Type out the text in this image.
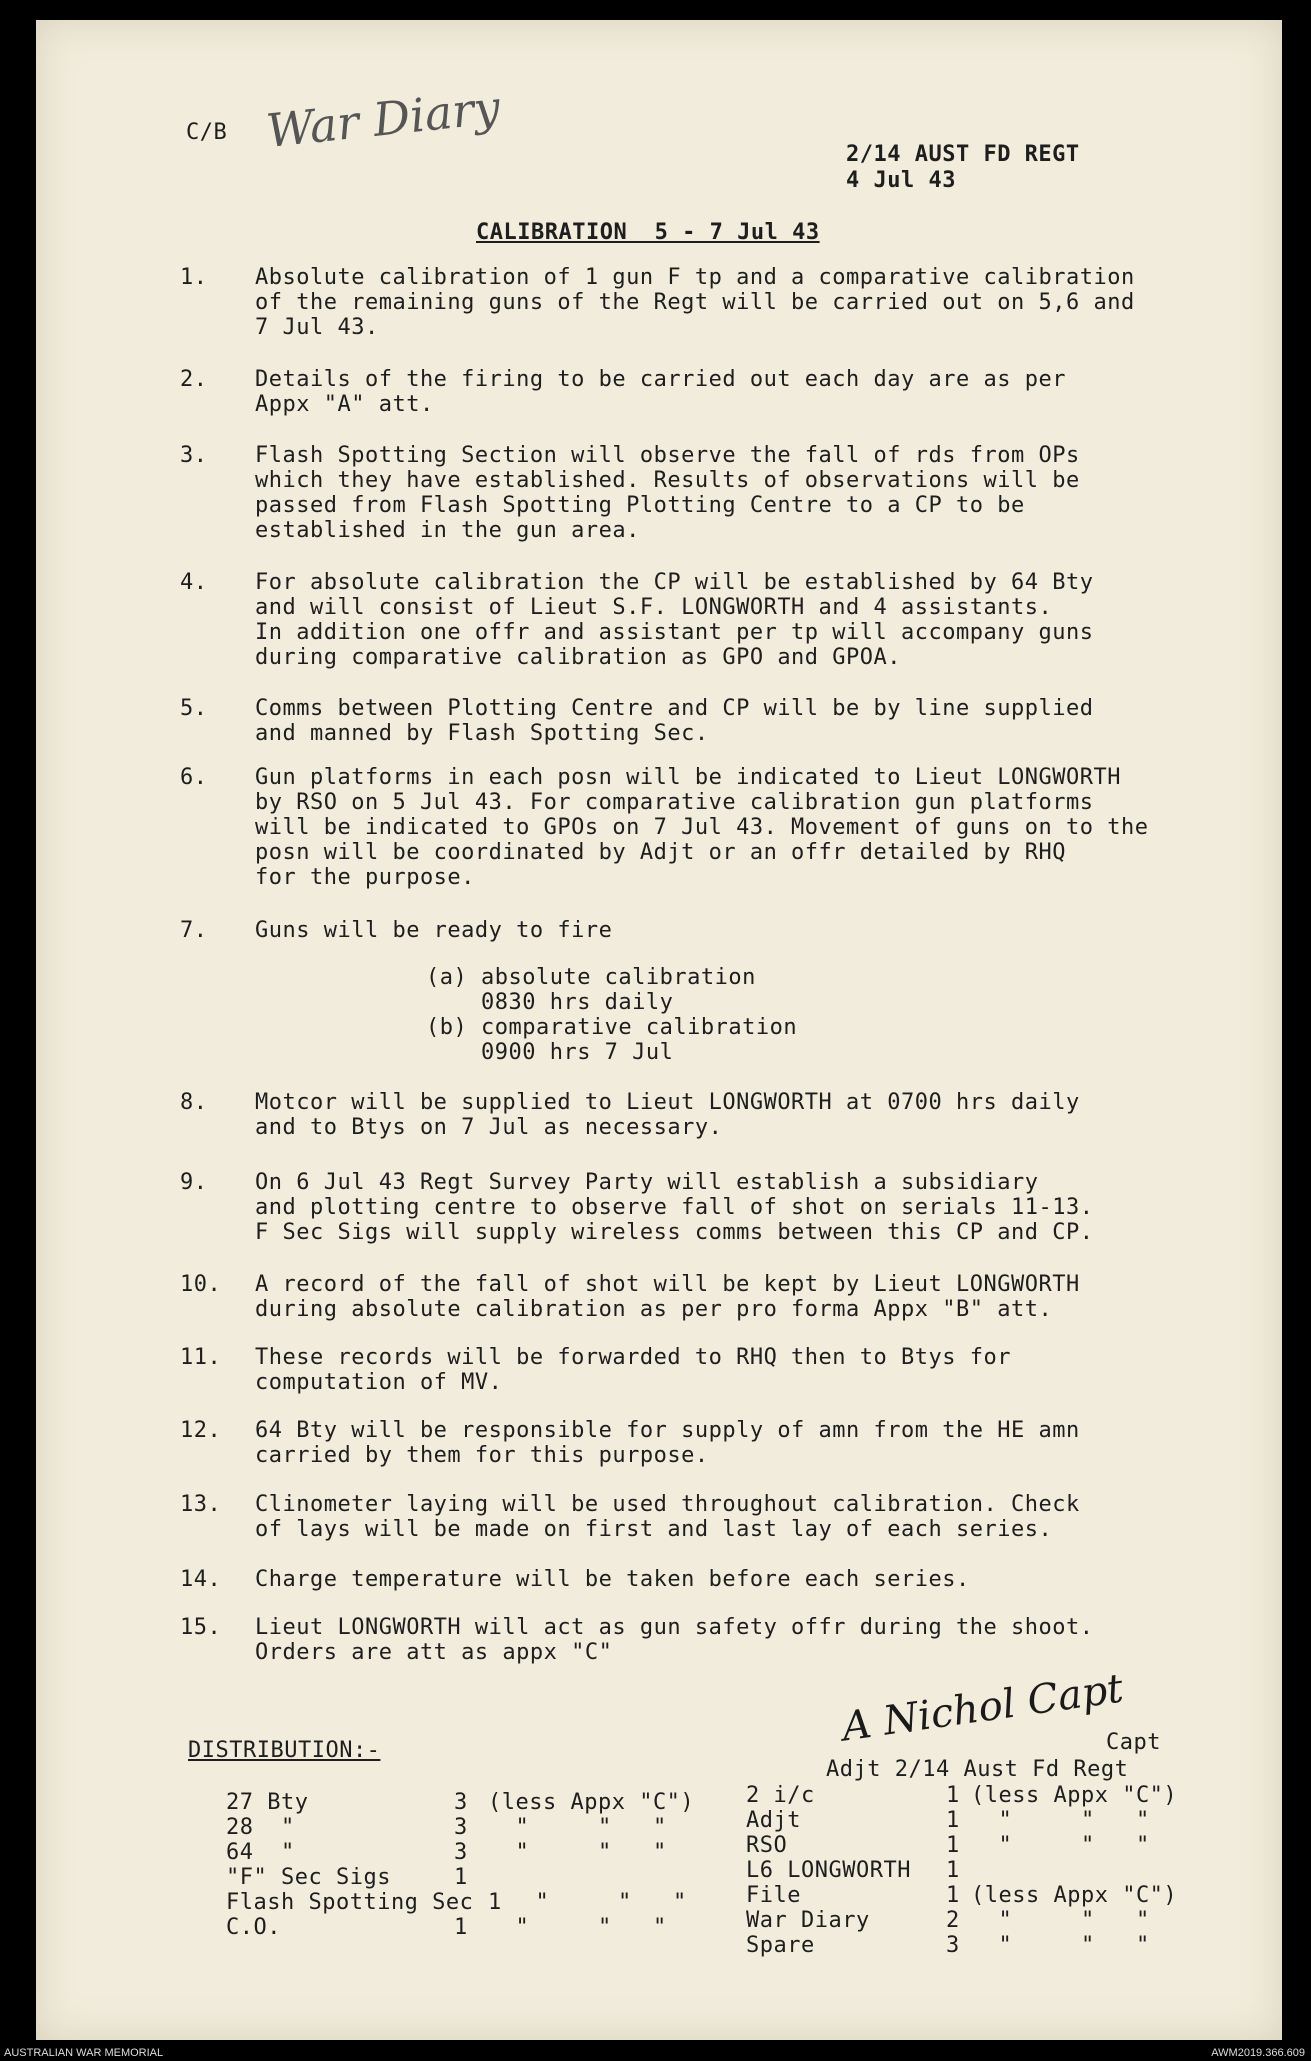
C/B War Diary	2/14 AUST FD REGT
4 Jul 43
CALIBRATION  5 - 7 Jul 43
1. Absolute calibration of 1 gun F tp and a comparative calibration
of the remaining guns of the Regt will be carried out on 5,6 and
7 Jul 43.
2. Details of the firing to be carried out each day are as per
Appx "A" att.
3. Flash Spotting Section will observe the fall of rds from OPs
which they have established. Results of observations will be
passed from Flash Spotting Plotting Centre to a CP to be
established in the gun area.
4. For absolute calibration the CP will be established by 64 Bty
and will consist of Lieut S.F. LONGWORTH and 4 assistants.
In addition one offr and assistant per tp will accompany guns
during comparative calibration as GPO and GPOA.
5. Comms between Plotting Centre and CP will be by line supplied
and manned by Flash Spotting Sec.
6. Gun platforms in each posn will be indicated to Lieut LONGWORTH
by RSO on 5 Jul 43. For comparative calibration gun platforms
will be indicated to GPOs on 7 Jul 43. Movement of guns on to the
posn will be coordinated by Adjt or an offr detailed by RHQ
for the purpose.
7. Guns will be ready to fire
(a) absolute calibration
0830 hrs daily
(b) comparative calibration
0900 hrs 7 Jul
8. Motcor will be supplied to Lieut LONGWORTH at 0700 hrs daily
and to Btys on 7 Jul as necessary.
9. On 6 Jul 43 Regt Survey Party will establish a subsidiary
and plotting centre to observe fall of shot on serials 11-13.
F Sec Sigs will supply wireless comms between this CP and CP.
10. A record of the fall of shot will be kept by Lieut LONGWORTH
during absolute calibration as per pro forma Appx "B" att.
11. These records will be forwarded to RHQ then to Btys for
computation of MV.
12. 64 Bty will be responsible for supply of amn from the HE amn
carried by them for this purpose.
13. Clinometer laying will be used throughout calibration. Check
of lays will be made on first and last lay of each series.
14. Charge temperature will be taken before each series.
15. Lieut LONGWORTH will act as gun safety offr during the shoot.
Orders are att as appx "C"
A Nichol Capt
Capt
Adjt 2/14 Aust Fd Regt
DISTRIBUTION:-
27 Bty	3 (less Appx "C")
28  "	3 "     "   "
64  "	3 "     "   "
"F" Sec Sigs	1
Flash Spotting Sec 1 "     "   "
C.O.	1 "     "   "
2 i/c	1 (less Appx "C")
Adjt	1 "     "   "
RSO	1 "     "   "
L6 LONGWORTH 1
File	1 (less Appx "C")
War Diary	2 "     "   "
Spare	3 "     "   "
AUSTRALIAN WAR MEMORIAL	AWM2019.366.609
